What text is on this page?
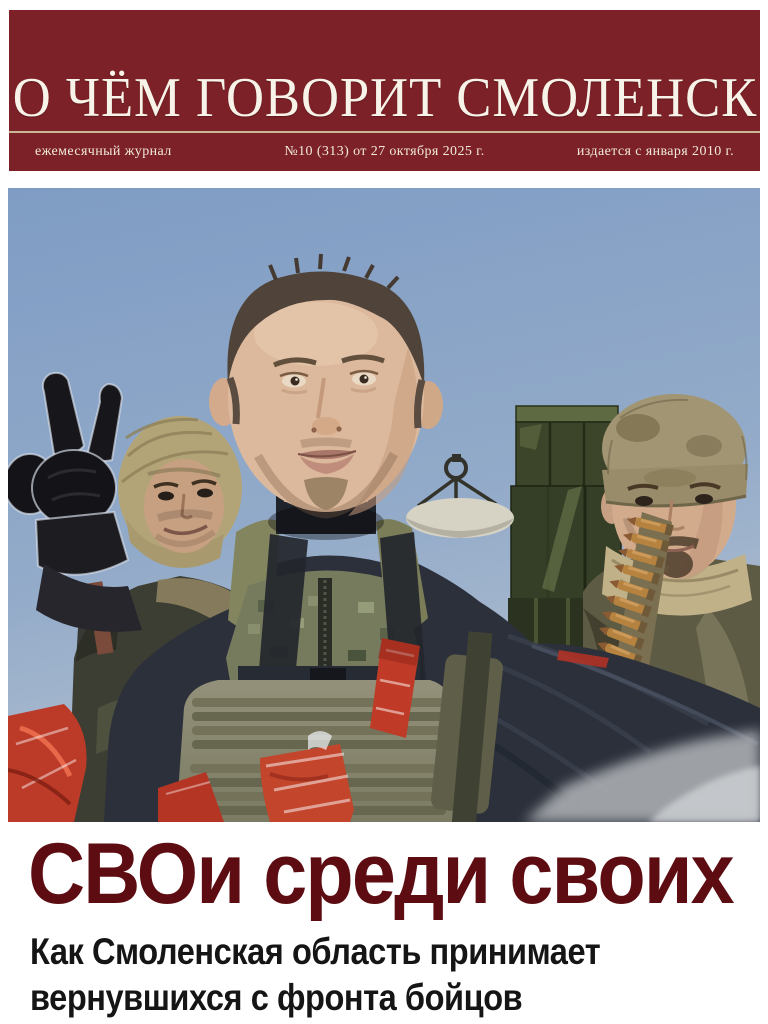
О ЧЁМ ГОВОРИТ СМОЛЕНСК
ежемесячный журнал	№10 (313) от 27 октября 2025 г.	издается с января 2010 г.
СВОи среди своих
Как Смоленская область принимает
вернувшихся с фронта бойцов
